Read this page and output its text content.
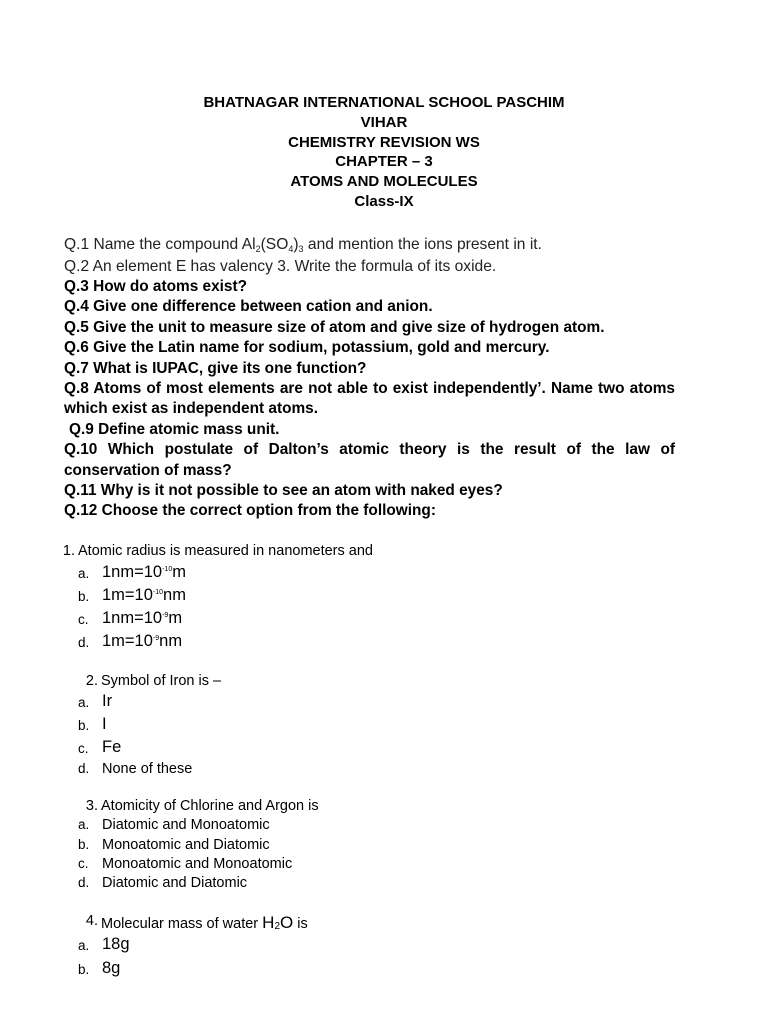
BHATNAGAR INTERNATIONAL SCHOOL PASCHIM
VIHAR
CHEMISTRY REVISION WS
CHAPTER – 3
ATOMS AND MOLECULES
Class-IX
Q.1 Name the compound $Al_2(SO_4)_3$ and mention the ions present in it.
Q.2 An element E has valency 3. Write the formula of its oxide.
Q.3 How do atoms exist?
Q.4 Give one difference between cation and anion.
Q.5 Give the unit to measure size of atom and give size of hydrogen atom.
Q.6 Give the Latin name for sodium, potassium, gold and mercury.
Q.7 What is IUPAC, give its one function?
Q.8 Atoms of most elements are not able to exist independently’. Name two atoms which exist as independent atoms.
Q.9 Define atomic mass unit.
Q.10 Which postulate of Dalton’s atomic theory is the result of the law of conservation of mass?
Q.11 Why is it not possible to see an atom with naked eyes?
Q.12 Choose the correct option from the following:
1. Atomic radius is measured in nanometers and
a. $1nm=10^{-10}m$
b. $1m=10^{-10}nm$
c. $1nm=10^{-9}m$
d. $1m=10^{-9}nm$
2. Symbol of Iron is –
a. Ir
b. I
c. Fe
d. None of these
3. Atomicity of Chlorine and Argon is
a. Diatomic and Monoatomic
b. Monoatomic and Diatomic
c. Monoatomic and Monoatomic
d. Diatomic and Diatomic
4. Molecular mass of water $H_2O$ is
a. 18g
b. 8g
